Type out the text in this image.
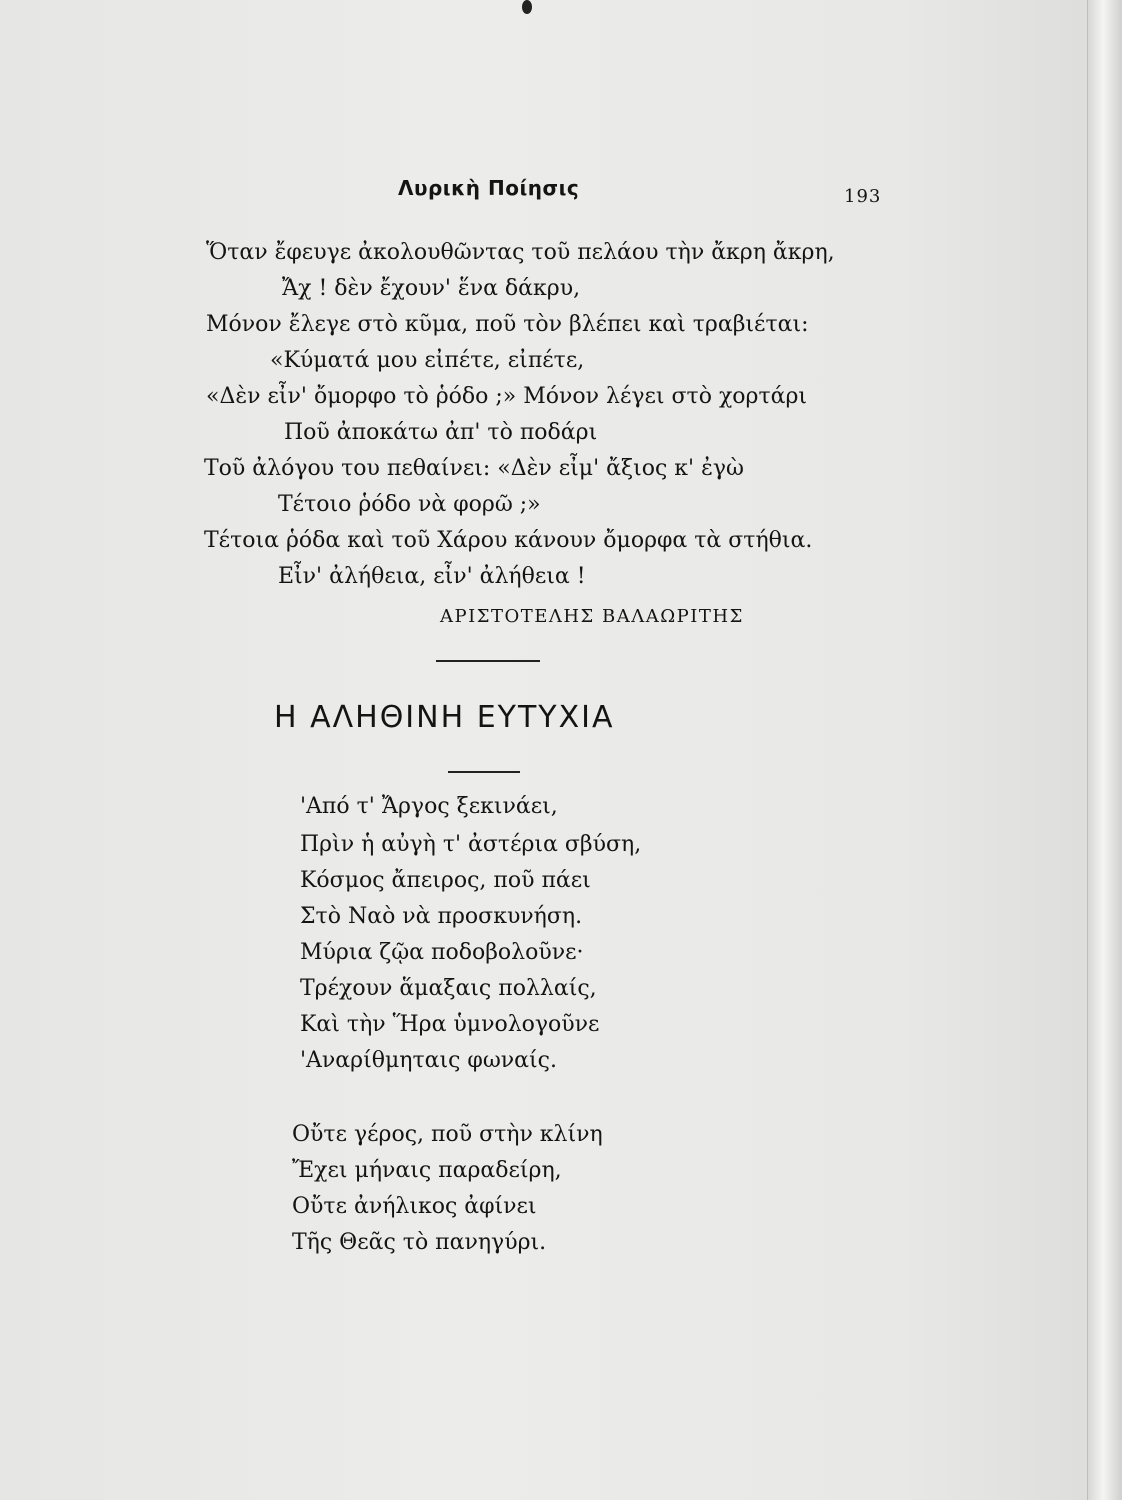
Λυρικὴ Ποίησις	193
Ὅταν ἔφευγε ἀκολουθῶντας τοῦ πελάου τὴν ἄκρη ἄκρη,
Ἄχ ! δὲν ἔχουν' ἕνα δάκρυ,
Μόνον ἔλεγε στὸ κῦμα, ποῦ τὸν βλέπει καὶ τραβιέται:
«Κύματά μου εἰπέτε, εἰπέτε,
«Δὲν εἶν' ὄμορφο τὸ ῥόδο ;» Μόνον λέγει στὸ χορτάρι
Ποῦ ἀποκάτω ἀπ' τὸ ποδάρι
Τοῦ ἀλόγου του πεθαίνει: «Δὲν εἶμ' ἄξιος κ' ἐγὼ
Τέτοιο ῥόδο νὰ φορῶ ;»
Τέτοια ῥόδα καὶ τοῦ Χάρου κάνουν ὄμορφα τὰ στήθια.
Εἶν' ἀλήθεια, εἶν' ἀλήθεια !
ΑΡΙΣΤΟΤΕΛΗΣ ΒΑΛΑΩΡΙΤΗΣ
Η ΑΛΗΘΙΝΗ ΕΥΤΥΧΙΑ
'Από τ' Ἄργος ξεκινάει,
Πρὶν ἡ αὐγὴ τ' ἀστέρια σβύση,
Κόσμος ἄπειρος, ποῦ πάει
Στὸ Ναὸ νὰ προσκυνήση.
Μύρια ζῷα ποδοβολοῦνε·
Τρέχουν ἅμαξαις πολλαίς,
Καὶ τὴν Ἥρα ὑμνολογοῦνε
'Αναρίθμηταις φωναίς.
Οὔτε γέρος, ποῦ στὴν κλίνη
Ἔχει μήναις παραδείρη,
Οὔτε ἀνήλικος ἀφίνει
Τῆς Θεᾶς τὸ πανηγύρι.
